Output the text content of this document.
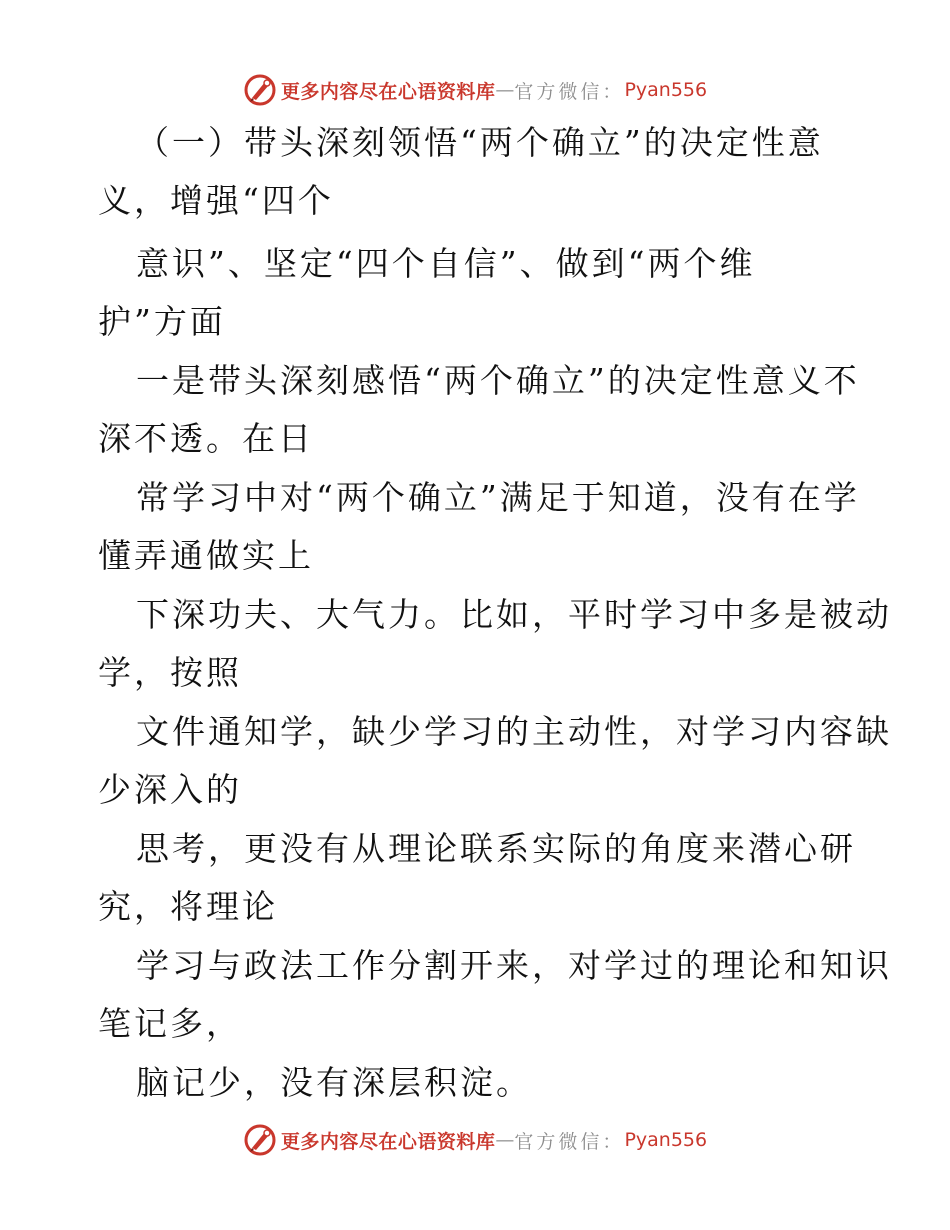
更多内容尽在心语资料库 — 官方微信： Pyan556
（一）带头深刻领悟“两个确立”的决定性意
义，增强“四个
意识”、坚定“四个自信”、做到“两个维
护”方面
一是带头深刻感悟“两个确立”的决定性意义不
深不透。在日
常学习中对“两个确立”满足于知道，没有在学
懂弄通做实上
下深功夫、大气力。比如，平时学习中多是被动
学，按照
文件通知学，缺少学习的主动性，对学习内容缺
少深入的
思考，更没有从理论联系实际的角度来潜心研
究，将理论
学习与政法工作分割开来，对学过的理论和知识
笔记多，
脑记少，没有深层积淀。
更多内容尽在心语资料库 — 官方微信： Pyan556
